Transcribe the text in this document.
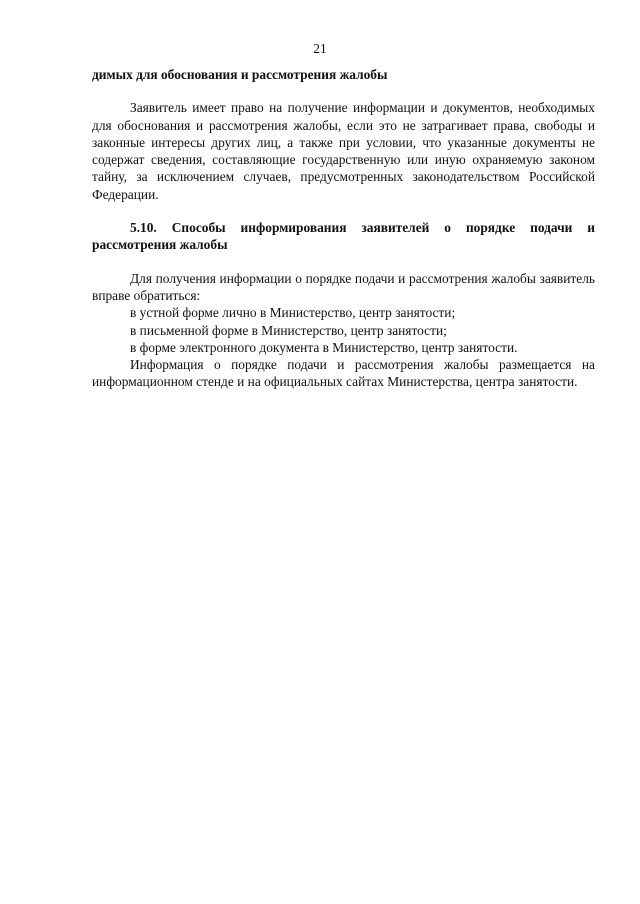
21

димых для обоснования и рассмотрения жалобы

Заявитель имеет право на получение информации и документов, необходимых для обоснования и рассмотрения жалобы, если это не затрагивает права, свободы и законные интересы других лиц, а также при условии, что указанные документы не содержат сведения, составляющие государственную или иную охраняемую законом тайну, за исключением случаев, предусмотренных законодательством Российской Федерации.

5.10. Способы информирования заявителей о порядке подачи и рассмотрения жалобы

Для получения информации о порядке подачи и рассмотрения жалобы заявитель вправе обратиться:

в устной форме лично в Министерство, центр занятости;

в письменной форме в Министерство, центр занятости;

в форме электронного документа в Министерство, центр занятости.

Информация о порядке подачи и рассмотрения жалобы размещается на информационном стенде и на официальных сайтах Министерства, центра занятости.
